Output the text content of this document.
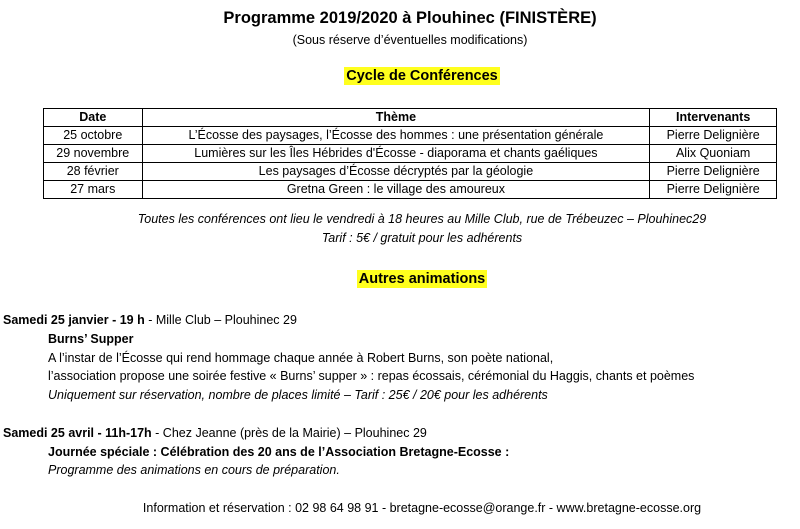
Programme 2019/2020 à Plouhinec (FINISTÈRE)
(Sous réserve d’éventuelles modifications)
Cycle de Conférences
Date	Thème	Intervenants
25 octobre	L’Écosse des paysages, l’Écosse des hommes : une présentation générale	Pierre Delignière
29 novembre	Lumières sur les Îles Hébrides d'Écosse - diaporama et chants gaéliques	Alix Quoniam
28 février	Les paysages d’Écosse décryptés par la géologie	Pierre Delignière
27 mars	Gretna Green : le village des amoureux	Pierre Delignière
Toutes les conférences ont lieu le vendredi à 18 heures au Mille Club, rue de Trébeuzec – Plouhinec29
Tarif : 5€ / gratuit pour les adhérents
Autres animations
Samedi 25 janvier - 19 h - Mille Club – Plouhinec 29
Burns’ Supper
A l’instar de l’Écosse qui rend hommage chaque année à Robert Burns, son poète national,
l’association propose une soirée festive « Burns’ supper » : repas écossais, cérémonial du Haggis, chants et poèmes
Uniquement sur réservation, nombre de places limité – Tarif : 25€ / 20€ pour les adhérents
Samedi 25 avril - 11h-17h - Chez Jeanne (près de la Mairie) – Plouhinec 29
Journée spéciale : Célébration des 20 ans de l’Association Bretagne-Ecosse :
Programme des animations en cours de préparation.
Information et réservation : 02 98 64 98 91 - bretagne-ecosse@orange.fr - www.bretagne-ecosse.org
